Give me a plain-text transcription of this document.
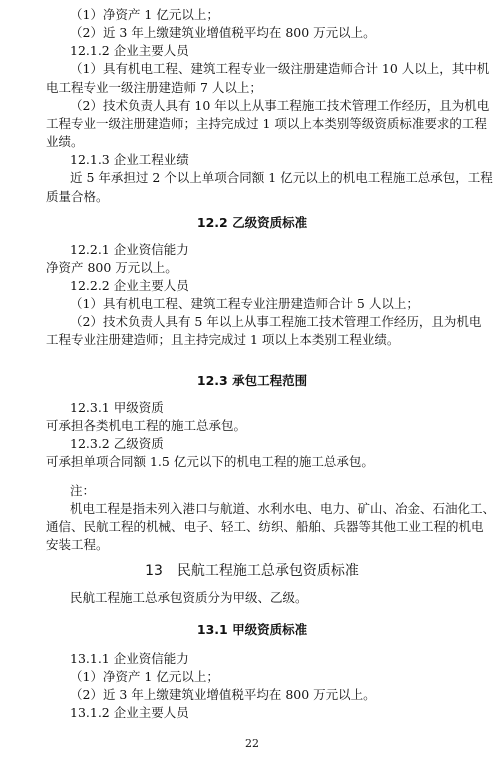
（1）净资产 1 亿元以上；
（2）近 3 年上缴建筑业增值税平均在 800 万元以上。
12.1.2 企业主要人员
（1）具有机电工程、建筑工程专业一级注册建造师合计 10 人以上，其中机
电工程专业一级注册建造师 7 人以上；
（2）技术负责人具有 10 年以上从事工程施工技术管理工作经历，且为机电
工程专业一级注册建造师；主持完成过 1 项以上本类别等级资质标准要求的工程
业绩。
12.1.3 企业工程业绩
近 5 年承担过 2 个以上单项合同额 1 亿元以上的机电工程施工总承包，工程
质量合格。
12.2 乙级资质标准
12.2.1 企业资信能力
净资产 800 万元以上。
12.2.2 企业主要人员
（1）具有机电工程、建筑工程专业注册建造师合计 5 人以上；
（2）技术负责人具有 5 年以上从事工程施工技术管理工作经历，且为机电
工程专业注册建造师；且主持完成过 1 项以上本类别工程业绩。
12.3 承包工程范围
12.3.1 甲级资质
可承担各类机电工程的施工总承包。
12.3.2 乙级资质
可承担单项合同额 1.5 亿元以下的机电工程的施工总承包。
注：
机电工程是指未列入港口与航道、水利水电、电力、矿山、冶金、石油化工、
通信、民航工程的机械、电子、轻工、纺织、船舶、兵器等其他工业工程的机电
安装工程。
13　民航工程施工总承包资质标准
民航工程施工总承包资质分为甲级、乙级。
13.1 甲级资质标准
13.1.1 企业资信能力
（1）净资产 1 亿元以上；
（2）近 3 年上缴建筑业增值税平均在 800 万元以上。
13.1.2 企业主要人员
22
